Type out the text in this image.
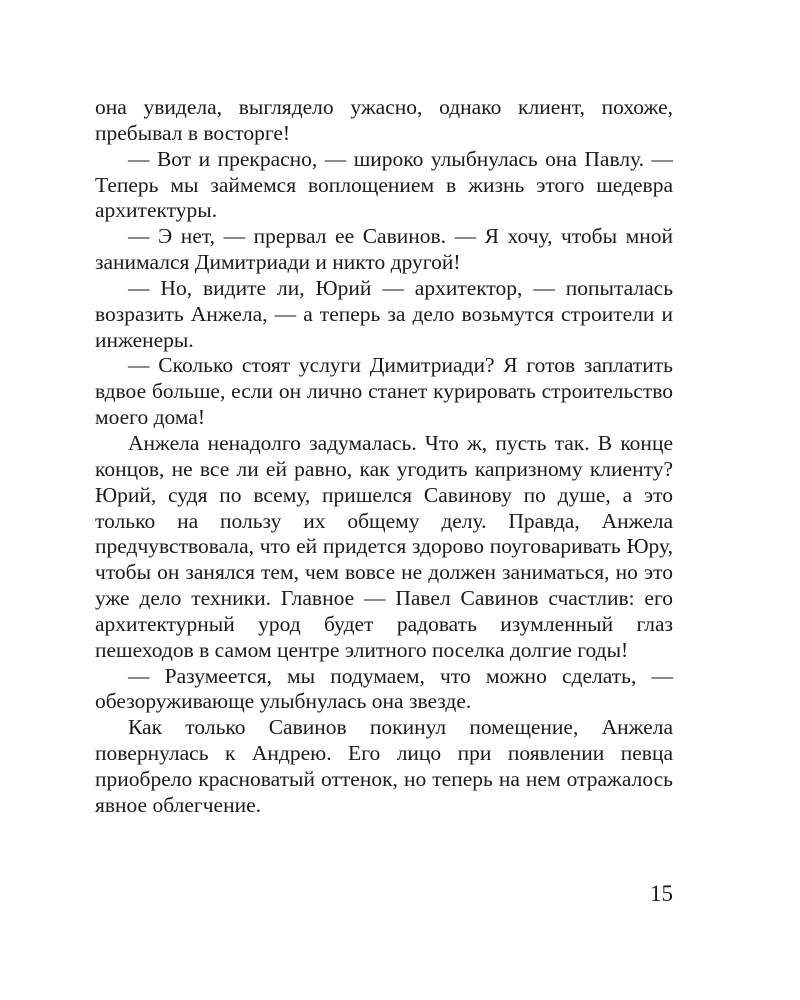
она увидела, выглядело ужасно, однако клиент, похоже, пребывал в восторге!

— Вот и прекрасно, — широко улыбнулась она Павлу. — Теперь мы займемся воплощением в жизнь этого шедевра архитектуры.

— Э нет, — прервал ее Савинов. — Я хочу, чтобы мной занимался Димитриади и никто другой!

— Но, видите ли, Юрий — архитектор, — попыталась возразить Анжела, — а теперь за дело возьмутся строители и инженеры.

— Сколько стоят услуги Димитриади? Я готов заплатить вдвое больше, если он лично станет курировать строительство моего дома!

Анжела ненадолго задумалась. Что ж, пусть так. В конце концов, не все ли ей равно, как угодить капризному клиенту? Юрий, судя по всему, пришелся Савинову по душе, а это только на пользу их общему делу. Правда, Анжела предчувствовала, что ей придется здорово поуговаривать Юру, чтобы он занялся тем, чем вовсе не должен заниматься, но это уже дело техники. Главное — Павел Савинов счастлив: его архитектурный урод будет радовать изумленный глаз пешеходов в самом центре элитного поселка долгие годы!

— Разумеется, мы подумаем, что можно сделать, — обезоруживающе улыбнулась она звезде.

Как только Савинов покинул помещение, Анжела повернулась к Андрею. Его лицо при появлении певца приобрело красноватый оттенок, но теперь на нем отражалось явное облегчение.

15
